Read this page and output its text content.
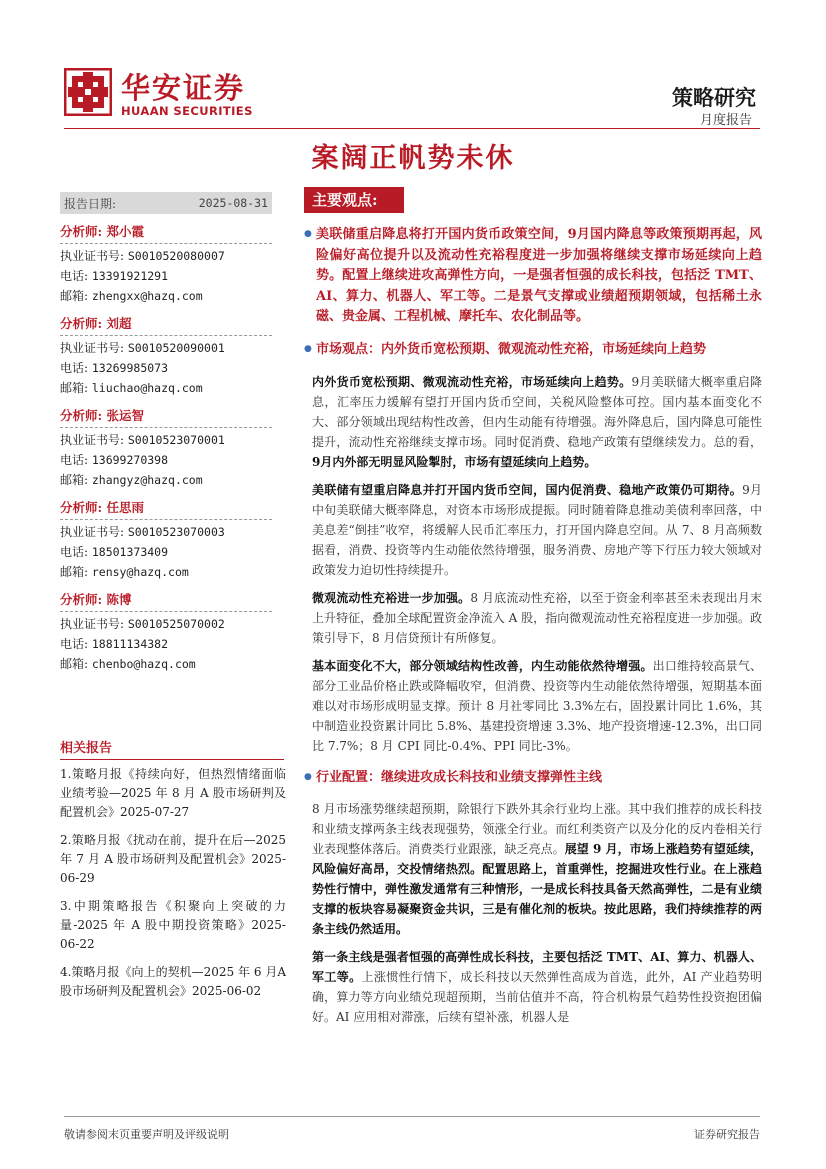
华安证券
HUAAN SECURITIES
策略研究
月度报告
案阔正帆势未休
报告日期:	2025-08-31
分析师: 郑小霞
执业证书号: S0010520080007
电话: 13391921291
邮箱: zhengxx@hazq.com
分析师: 刘超
执业证书号: S0010520090001
电话: 13269985073
邮箱: liuchao@hazq.com
分析师: 张运智
执业证书号: S0010523070001
电话: 13699270398
邮箱: zhangyz@hazq.com
分析师: 任思雨
执业证书号: S0010523070003
电话: 18501373409
邮箱: rensy@hazq.com
分析师: 陈博
执业证书号: S0010525070002
电话: 18811134382
邮箱: chenbo@hazq.com
相关报告
1.策略月报《持续向好，但热烈情绪面临业绩考验—2025 年 8 月 A 股市场研判及配置机会》2025-07-27
2.策略月报《扰动在前，提升在后—2025 年 7 月 A 股市场研判及配置机会》2025-06-29
3.中期策略报告《积聚向上突破的力量-2025 年 A 股中期投资策略》2025-06-22
4.策略月报《向上的契机—2025 年 6 月A股市场研判及配置机会》2025-06-02
主要观点:
● 美联储重启降息将打开国内货币政策空间，9月国内降息等政策预期再起，风险偏好高位提升以及流动性充裕程度进一步加强将继续支撑市场延续向上趋势。配置上继续进攻高弹性方向，一是强者恒强的成长科技，包括泛 TMT、AI、算力、机器人、军工等。二是景气支撑或业绩超预期领域，包括稀土永磁、贵金属、工程机械、摩托车、农化制品等。
● 市场观点：内外货币宽松预期、微观流动性充裕，市场延续向上趋势
内外货币宽松预期、微观流动性充裕，市场延续向上趋势。9月美联储大概率重启降息，汇率压力缓解有望打开国内货币空间，关税风险整体可控。国内基本面变化不大、部分领域出现结构性改善，但内生动能有待增强。海外降息后，国内降息可能性提升，流动性充裕继续支撑市场。同时促消费、稳地产政策有望继续发力。总的看，9月内外部无明显风险掣肘，市场有望延续向上趋势。
美联储有望重启降息并打开国内货币空间，国内促消费、稳地产政策仍可期待。9月中旬美联储大概率降息，对资本市场形成提振。同时随着降息推动美债利率回落，中美息差“倒挂”收窄，将缓解人民币汇率压力，打开国内降息空间。从 7、8 月高频数据看，消费、投资等内生动能依然待增强，服务消费、房地产等下行压力较大领域对政策发力迫切性持续提升。
微观流动性充裕进一步加强。8 月底流动性充裕，以至于资金利率甚至未表现出月末上升特征，叠加全球配置资金净流入 A 股，指向微观流动性充裕程度进一步加强。政策引导下，8 月信贷预计有所修复。
基本面变化不大，部分领域结构性改善，内生动能依然待增强。出口维持较高景气、部分工业品价格止跌或降幅收窄，但消费、投资等内生动能依然待增强，短期基本面难以对市场形成明显支撑。预计 8 月社零同比 3.3%左右，固投累计同比 1.6%，其中制造业投资累计同比 5.8%、基建投资增速 3.3%、地产投资增速-12.3%，出口同比 7.7%；8 月 CPI 同比-0.4%、PPI 同比-3%。
● 行业配置：继续进攻成长科技和业绩支撑弹性主线
8 月市场涨势继续超预期，除银行下跌外其余行业均上涨。其中我们推荐的成长科技和业绩支撑两条主线表现强势，领涨全行业。而红利类资产以及分化的反内卷相关行业表现整体落后。消费类行业跟涨，缺乏亮点。展望 9 月，市场上涨趋势有望延续，风险偏好高昂，交投情绪热烈。配置思路上，首重弹性，挖掘进攻性行业。在上涨趋势性行情中，弹性激发通常有三种情形，一是成长科技具备天然高弹性，二是有业绩支撑的板块容易凝聚资金共识，三是有催化剂的板块。按此思路，我们持续推荐的两条主线仍然适用。
第一条主线是强者恒强的高弹性成长科技，主要包括泛 TMT、AI、算力、机器人、军工等。上涨惯性行情下，成长科技以天然弹性高成为首选，此外，AI 产业趋势明确，算力等方向业绩兑现超预期，当前估值并不高，符合机构景气趋势性投资抱团偏好。AI 应用相对滞涨，后续有望补涨，机器人是
敬请参阅末页重要声明及评级说明	证券研究报告
